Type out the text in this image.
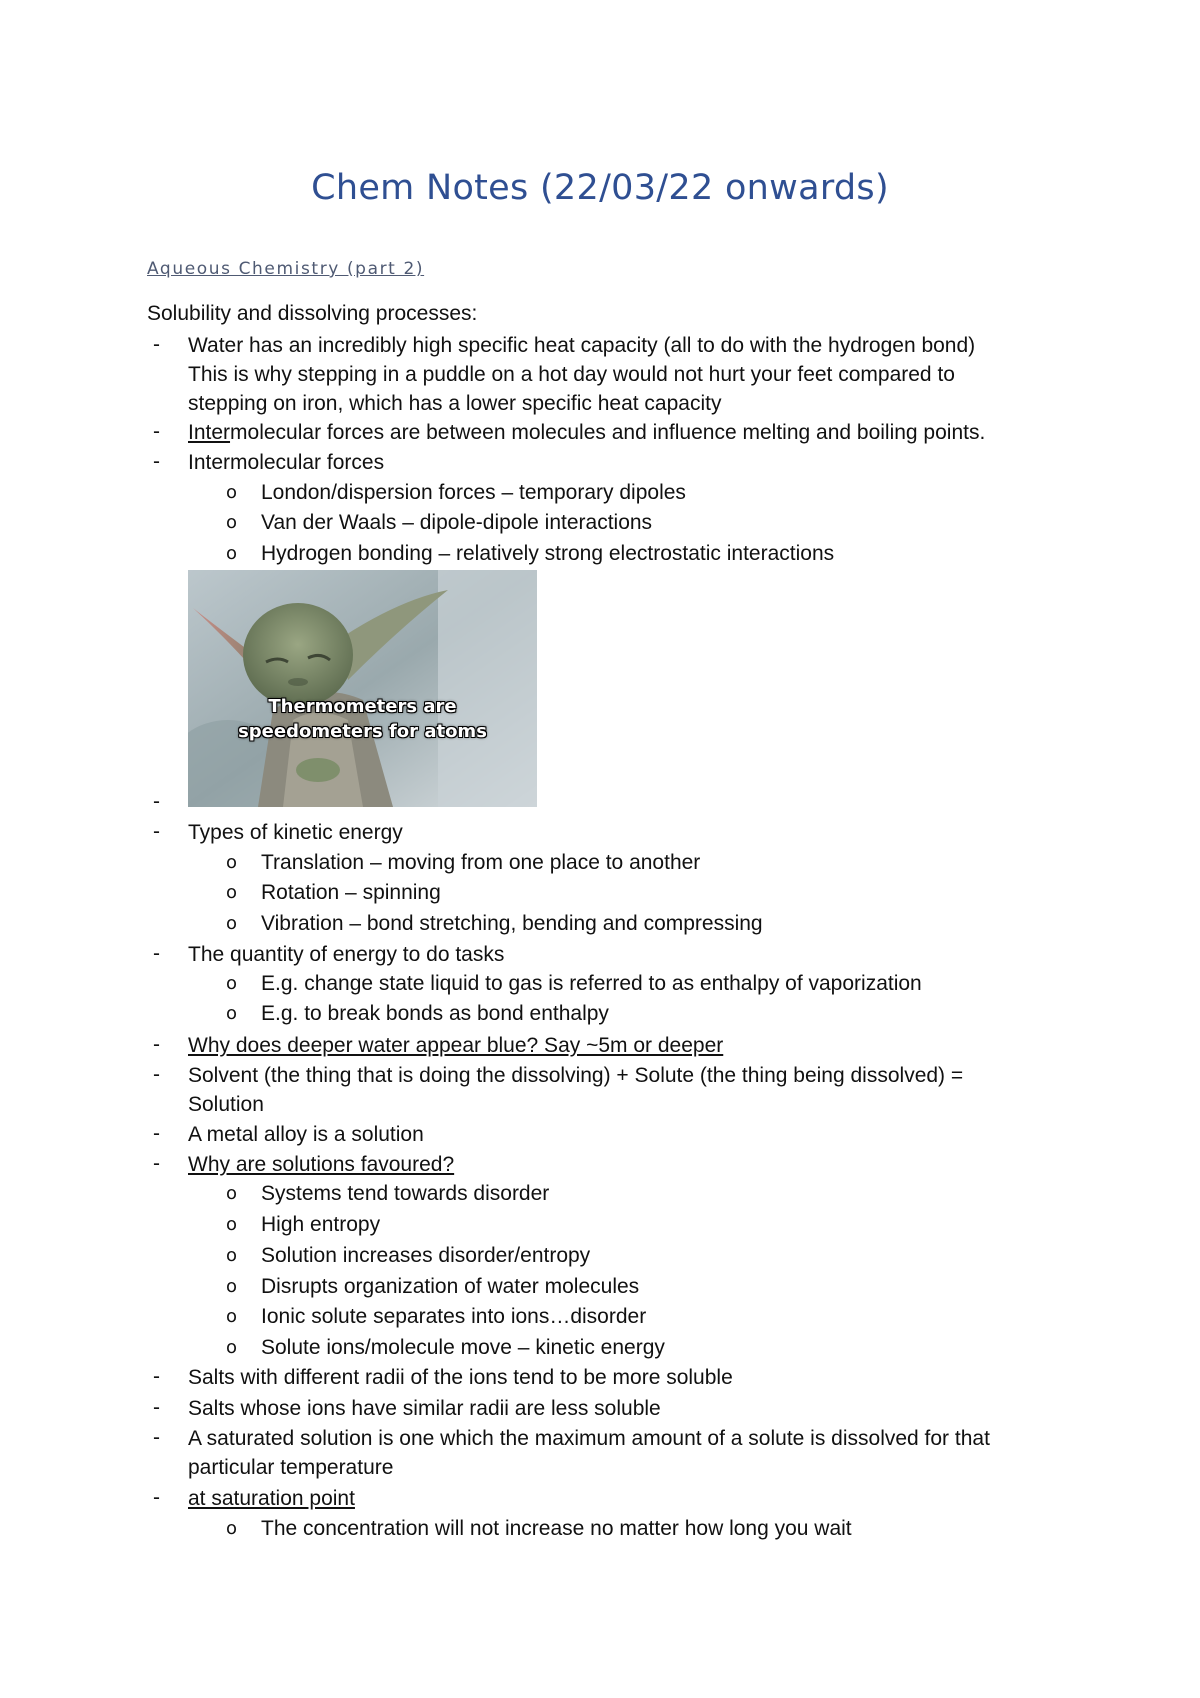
Chem Notes (22/03/22 onwards)
Aqueous Chemistry (part 2)
Solubility and dissolving processes:
- Water has an incredibly high specific heat capacity (all to do with the hydrogen bond)
This is why stepping in a puddle on a hot day would not hurt your feet compared to
stepping on iron, which has a lower specific heat capacity
- Intermolecular forces are between molecules and influence melting and boiling points.
- Intermolecular forces
o London/dispersion forces – temporary dipoles
o Van der Waals – dipole-dipole interactions
o Hydrogen bonding – relatively strong electrostatic interactions
Thermometers are
speedometers for atoms
-
- Types of kinetic energy
o Translation – moving from one place to another
o Rotation – spinning
o Vibration – bond stretching, bending and compressing
- The quantity of energy to do tasks
o E.g. change state liquid to gas is referred to as enthalpy of vaporization
o E.g. to break bonds as bond enthalpy
- Why does deeper water appear blue? Say ~5m or deeper
- Solvent (the thing that is doing the dissolving) + Solute (the thing being dissolved) =
Solution
- A metal alloy is a solution
- Why are solutions favoured?
o Systems tend towards disorder
o High entropy
o Solution increases disorder/entropy
o Disrupts organization of water molecules
o Ionic solute separates into ions…disorder
o Solute ions/molecule move – kinetic energy
- Salts with different radii of the ions tend to be more soluble
- Salts whose ions have similar radii are less soluble
- A saturated solution is one which the maximum amount of a solute is dissolved for that
particular temperature
- at saturation point
o The concentration will not increase no matter how long you wait
